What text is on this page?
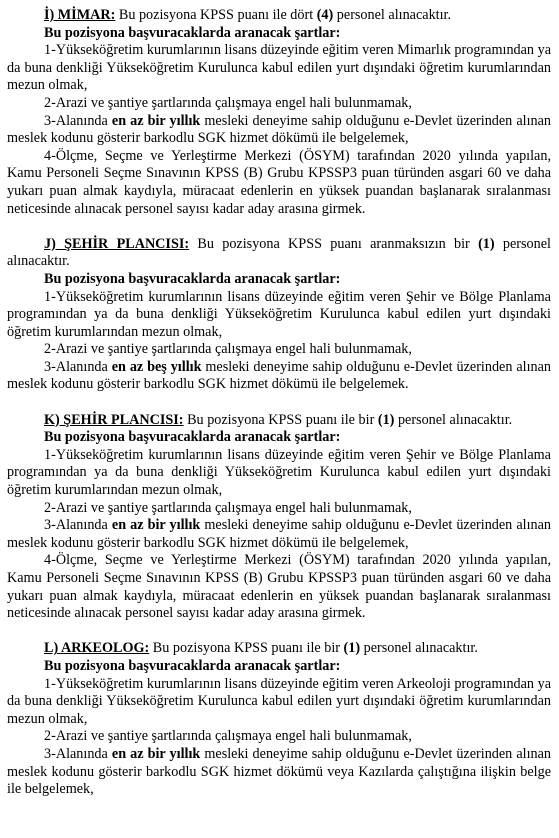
İ) MİMAR: Bu pozisyona KPSS puanı ile dört (4) personel alınacaktır.

Bu pozisyona başvuracaklarda aranacak şartlar:

1-Yükseköğretim kurumlarının lisans düzeyinde eğitim veren Mimarlık programından ya da buna denkliği Yükseköğretim Kurulunca kabul edilen yurt dışındaki öğretim kurumlarından mezun olmak,

2-Arazi ve şantiye şartlarında çalışmaya engel hali bulunmamak,

3-Alanında en az bir yıllık mesleki deneyime sahip olduğunu e-Devlet üzerinden alınan meslek kodunu gösterir barkodlu SGK hizmet dökümü ile belgelemek,

4-Ölçme, Seçme ve Yerleştirme Merkezi (ÖSYM) tarafından 2020 yılında yapılan, Kamu Personeli Seçme Sınavının KPSS (B) Grubu KPSSP3 puan türünden asgari 60 ve daha yukarı puan almak kaydıyla, müracaat edenlerin en yüksek puandan başlanarak sıralanması neticesinde alınacak personel sayısı kadar aday arasına girmek.

J) ŞEHİR PLANCISI: Bu pozisyona KPSS puanı aranmaksızın bir (1) personel alınacaktır.

Bu pozisyona başvuracaklarda aranacak şartlar:

1-Yükseköğretim kurumlarının lisans düzeyinde eğitim veren Şehir ve Bölge Planlama programından ya da buna denkliği Yükseköğretim Kurulunca kabul edilen yurt dışındaki öğretim kurumlarından mezun olmak,

2-Arazi ve şantiye şartlarında çalışmaya engel hali bulunmamak,

3-Alanında en az beş yıllık mesleki deneyime sahip olduğunu e-Devlet üzerinden alınan meslek kodunu gösterir barkodlu SGK hizmet dökümü ile belgelemek.

K) ŞEHİR PLANCISI: Bu pozisyona KPSS puanı ile bir (1) personel alınacaktır.

Bu pozisyona başvuracaklarda aranacak şartlar:

1-Yükseköğretim kurumlarının lisans düzeyinde eğitim veren Şehir ve Bölge Planlama programından ya da buna denkliği Yükseköğretim Kurulunca kabul edilen yurt dışındaki öğretim kurumlarından mezun olmak,

2-Arazi ve şantiye şartlarında çalışmaya engel hali bulunmamak,

3-Alanında en az bir yıllık mesleki deneyime sahip olduğunu e-Devlet üzerinden alınan meslek kodunu gösterir barkodlu SGK hizmet dökümü ile belgelemek,

4-Ölçme, Seçme ve Yerleştirme Merkezi (ÖSYM) tarafından 2020 yılında yapılan, Kamu Personeli Seçme Sınavının KPSS (B) Grubu KPSSP3 puan türünden asgari 60 ve daha yukarı puan almak kaydıyla, müracaat edenlerin en yüksek puandan başlanarak sıralanması neticesinde alınacak personel sayısı kadar aday arasına girmek.

L) ARKEOLOG: Bu pozisyona KPSS puanı ile bir (1) personel alınacaktır.

Bu pozisyona başvuracaklarda aranacak şartlar:

1-Yükseköğretim kurumlarının lisans düzeyinde eğitim veren Arkeoloji programından ya da buna denkliği Yükseköğretim Kurulunca kabul edilen yurt dışındaki öğretim kurumlarından mezun olmak,

2-Arazi ve şantiye şartlarında çalışmaya engel hali bulunmamak,

3-Alanında en az bir yıllık mesleki deneyime sahip olduğunu e-Devlet üzerinden alınan meslek kodunu gösterir barkodlu SGK hizmet dökümü veya Kazılarda çalıştığına ilişkin belge ile belgelemek,
